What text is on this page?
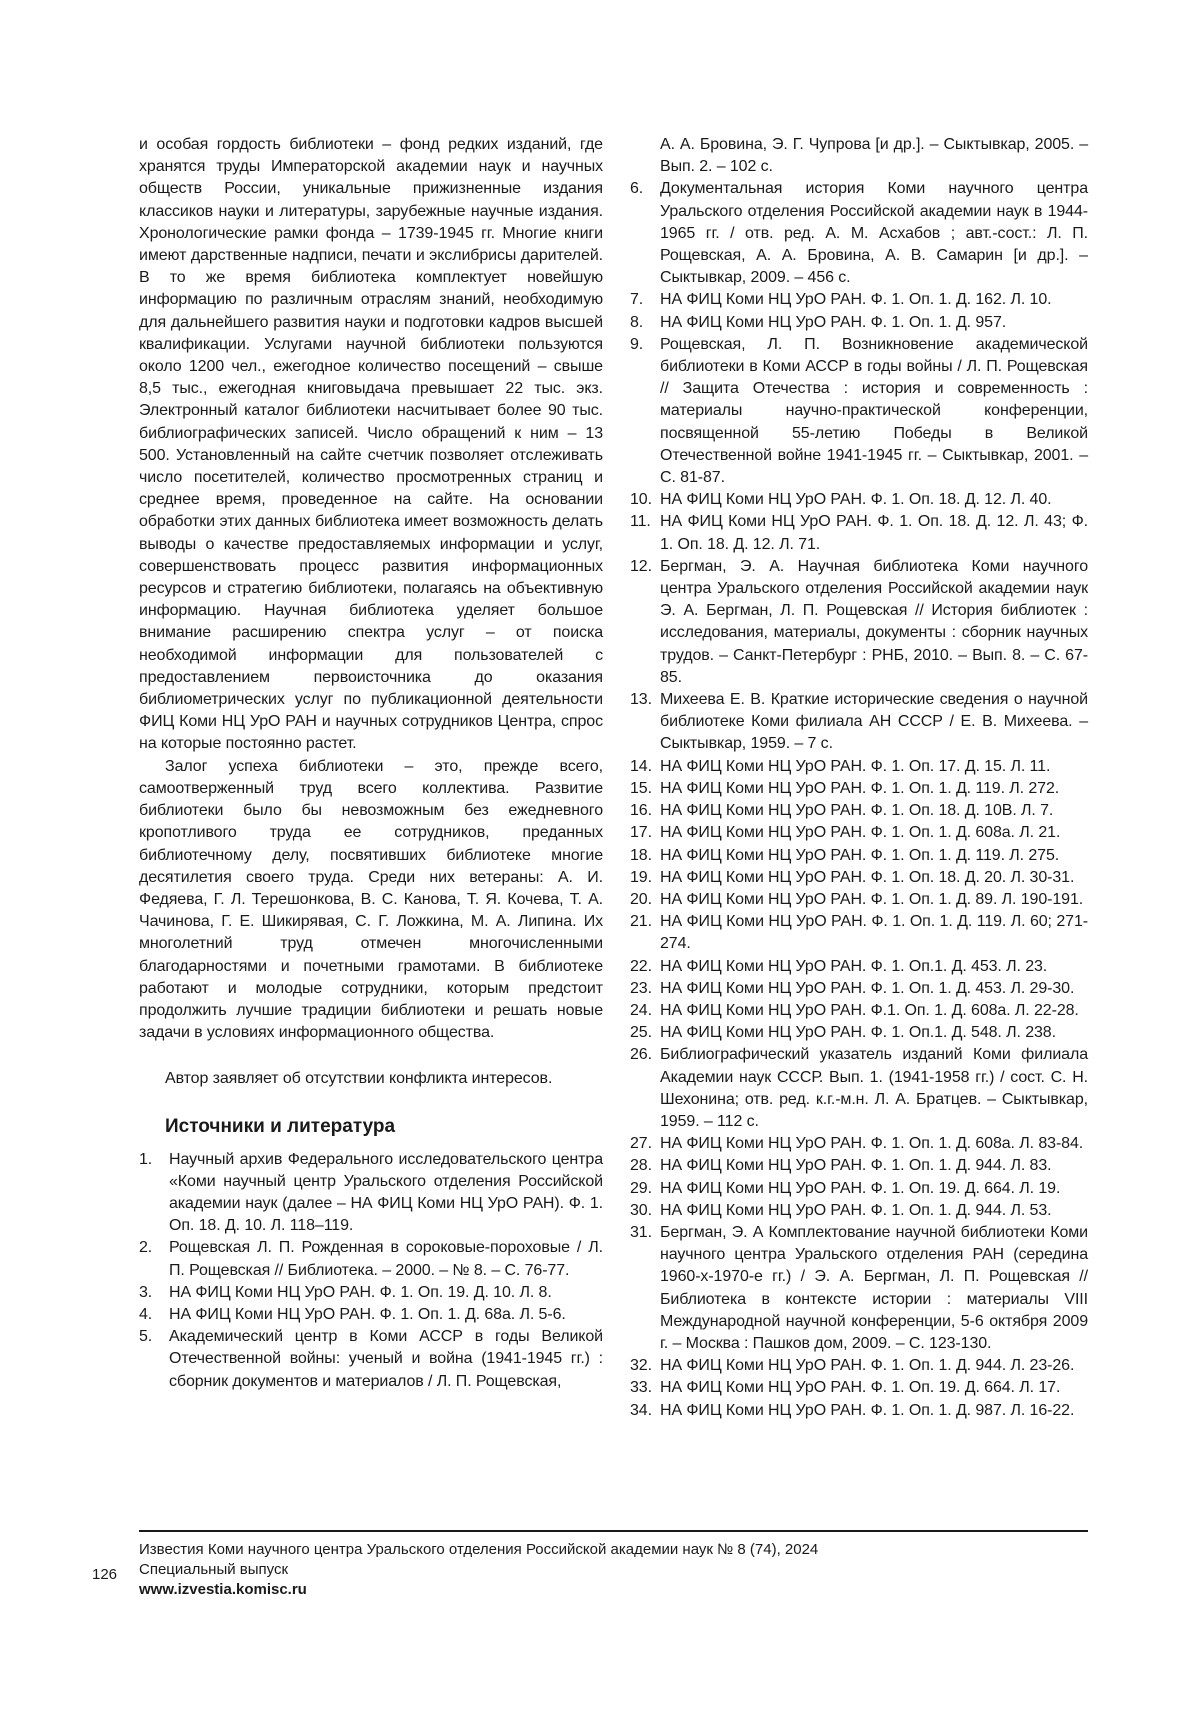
и особая гордость библиотеки – фонд редких изданий, где хранятся труды Императорской академии наук и научных обществ России, уникальные прижизненные издания классиков науки и литературы, зарубежные научные издания. Хронологические рамки фонда – 1739-1945 гг. Многие книги имеют дарственные надписи, печати и экслибрисы дарителей. В то же время библиотека комплектует новейшую информацию по различным отраслям знаний, необходимую для дальнейшего развития науки и подготовки кадров высшей квалификации. Услугами научной библиотеки пользуются около 1200 чел., ежегодное количество посещений – свыше 8,5 тыс., ежегодная книговыдача превышает 22 тыс. экз. Электронный каталог библиотеки насчитывает более 90 тыс. библиографических записей. Число обращений к ним – 13 500. Установленный на сайте счетчик позволяет отслеживать число посетителей, количество просмотренных страниц и среднее время, проведенное на сайте. На основании обработки этих данных библиотека имеет возможность делать выводы о качестве предоставляемых информации и услуг, совершенствовать процесс развития информационных ресурсов и стратегию библиотеки, полагаясь на объективную информацию. Научная библиотека уделяет большое внимание расширению спектра услуг – от поиска необходимой информации для пользователей с предоставлением первоисточника до оказания библиометрических услуг по публикационной деятельности ФИЦ Коми НЦ УрО РАН и научных сотрудников Центра, спрос на которые постоянно растет.

Залог успеха библиотеки – это, прежде всего, самоотверженный труд всего коллектива. Развитие библиотеки было бы невозможным без ежедневного кропотливого труда ее сотрудников, преданных библиотечному делу, посвятивших библиотеке многие десятилетия своего труда. Среди них ветераны: А. И. Федяева, Г. Л. Терешонкова, В. С. Канова, Т. Я. Кочева, Т. А. Чачинова, Г. Е. Шикирявая, С. Г. Ложкина, М. А. Липина. Их многолетний труд отмечен многочисленными благодарностями и почетными грамотами. В библиотеке работают и молодые сотрудники, которым предстоит продолжить лучшие традиции библиотеки и решать новые задачи в условиях информационного общества.

Автор заявляет об отсутствии конфликта интересов.

Источники и литература
1.	Научный архив Федерального исследовательского центра «Коми научный центр Уральского отделения Российской академии наук (далее – НА ФИЦ Коми НЦ УрО РАН). Ф. 1. Оп. 18. Д. 10. Л. 118–119.
2.	Рощевская Л. П. Рожденная в сороковые-пороховые / Л. П. Рощевская // Библиотека. – 2000. – № 8. – С. 76-77.
3.	НА ФИЦ Коми НЦ УрО РАН. Ф. 1. Оп. 19. Д. 10. Л. 8.
4.	НА ФИЦ Коми НЦ УрО РАН. Ф. 1. Оп. 1. Д. 68а. Л. 5-6.
5.	Академический центр в Коми АССР в годы Великой Отечественной войны: ученый и война (1941-1945 гг.) : сборник документов и материалов / Л. П. Рощевская,
А. А. Бровина, Э. Г. Чупрова [и др.]. – Сыктывкар, 2005. – Вып. 2. – 102 с.
6.	Документальная история Коми научного центра Уральского отделения Российской академии наук в 1944-1965 гг. / отв. ред. А. М. Асхабов ; авт.-сост.: Л. П. Рощевская, А. А. Бровина, А. В. Самарин [и др.]. – Сыктывкар, 2009. – 456 с.
7.	НА ФИЦ Коми НЦ УрО РАН. Ф. 1. Оп. 1. Д. 162. Л. 10.
8.	НА ФИЦ Коми НЦ УрО РАН. Ф. 1. Оп. 1. Д. 957.
9.	Рощевская, Л. П. Возникновение академической библиотеки в Коми АССР в годы войны / Л. П. Рощевская // Защита Отечества : история и современность : материалы научно-практической конференции, посвященной 55-летию Победы в Великой Отечественной войне 1941-1945 гг. – Сыктывкар, 2001. – С. 81-87.
10. НА ФИЦ Коми НЦ УрО РАН. Ф. 1. Оп. 18. Д. 12. Л. 40.
11. НА ФИЦ Коми НЦ УрО РАН. Ф. 1. Оп. 18. Д. 12. Л. 43; Ф. 1. Оп. 18. Д. 12. Л. 71.
12. Бергман, Э. А. Научная библиотека Коми научного центра Уральского отделения Российской академии наук Э. А. Бергман, Л. П. Рощевская // История библиотек : исследования, материалы, документы : сборник научных трудов. – Санкт-Петербург : РНБ, 2010. – Вып. 8. – С. 67-85.
13. Михеева Е. В. Краткие исторические сведения о научной библиотеке Коми филиала АН СССР / Е. В. Михеева. – Сыктывкар, 1959. – 7 с.
14. НА ФИЦ Коми НЦ УрО РАН. Ф. 1. Оп. 17. Д. 15. Л. 11.
15. НА ФИЦ Коми НЦ УрО РАН. Ф. 1. Оп. 1. Д. 119. Л. 272.
16. НА ФИЦ Коми НЦ УрО РАН. Ф. 1. Оп. 18. Д. 10В. Л. 7.
17. НА ФИЦ Коми НЦ УрО РАН. Ф. 1. Оп. 1. Д. 608а. Л. 21.
18. НА ФИЦ Коми НЦ УрО РАН. Ф. 1. Оп. 1. Д. 119. Л. 275.
19. НА ФИЦ Коми НЦ УрО РАН. Ф. 1. Оп. 18. Д. 20. Л. 30-31.
20. НА ФИЦ Коми НЦ УрО РАН. Ф. 1. Оп. 1. Д. 89. Л. 190-191.
21. НА ФИЦ Коми НЦ УрО РАН. Ф. 1. Оп. 1. Д. 119. Л. 60; 271-274.
22. НА ФИЦ Коми НЦ УрО РАН. Ф. 1. Оп.1. Д. 453. Л. 23.
23. НА ФИЦ Коми НЦ УрО РАН. Ф. 1. Оп. 1. Д. 453. Л. 29-30.
24. НА ФИЦ Коми НЦ УрО РАН. Ф.1. Оп. 1. Д. 608а. Л. 22-28.
25. НА ФИЦ Коми НЦ УрО РАН. Ф. 1. Оп.1. Д. 548. Л. 238.
26. Библиографический указатель изданий Коми филиала Академии наук СССР. Вып. 1. (1941-1958 гг.) / сост. С. Н. Шехонина; отв. ред. к.г.-м.н. Л. А. Братцев. – Сыктывкар, 1959. – 112 с.
27. НА ФИЦ Коми НЦ УрО РАН. Ф. 1. Оп. 1. Д. 608а. Л. 83-84.
28. НА ФИЦ Коми НЦ УрО РАН. Ф. 1. Оп. 1. Д. 944. Л. 83.
29. НА ФИЦ Коми НЦ УрО РАН. Ф. 1. Оп. 19. Д. 664. Л. 19.
30. НА ФИЦ Коми НЦ УрО РАН. Ф. 1. Оп. 1. Д. 944. Л. 53.
31. Бергман, Э. А Комплектование научной библиотеки Коми научного центра Уральского отделения РАН (середина 1960-х-1970-е гг.) / Э. А. Бергман, Л. П. Рощевская // Библиотека в контексте истории : материалы VIII Международной научной конференции, 5-6 октября 2009 г. – Москва : Пашков дом, 2009. – С. 123-130.
32. НА ФИЦ Коми НЦ УрО РАН. Ф. 1. Оп. 1. Д. 944. Л. 23-26.
33. НА ФИЦ Коми НЦ УрО РАН. Ф. 1. Оп. 19. Д. 664. Л. 17.
34. НА ФИЦ Коми НЦ УрО РАН. Ф. 1. Оп. 1. Д. 987. Л. 16-22.
126
Известия Коми научного центра Уральского отделения Российской академии наук № 8 (74), 2024
Специальный выпуск
www.izvestia.komisc.ru
